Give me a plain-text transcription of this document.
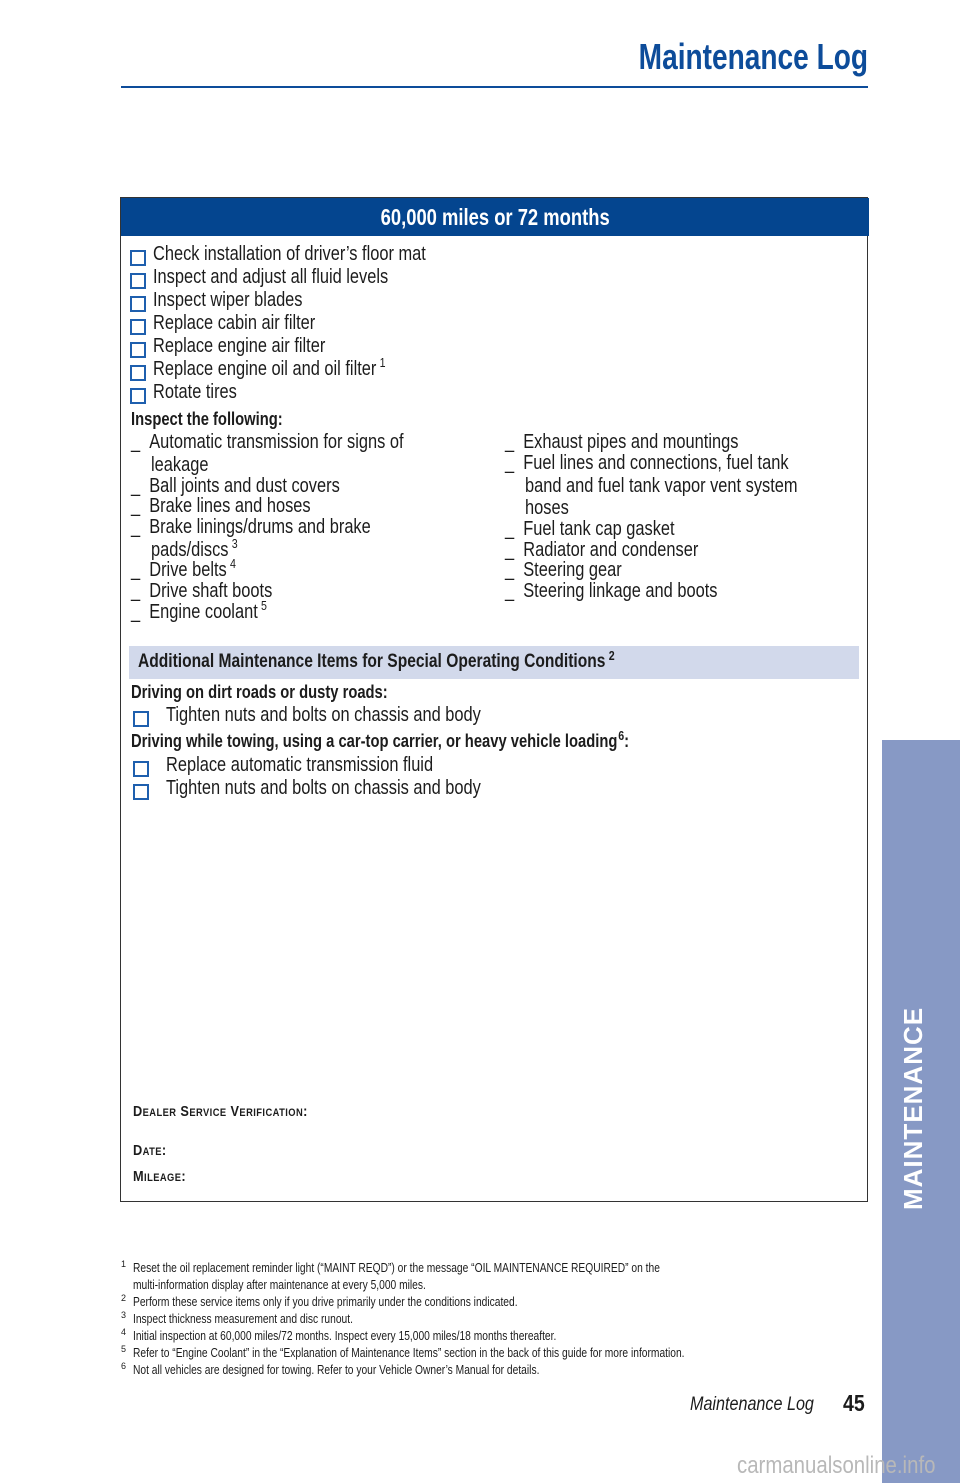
Maintenance Log
60,000 miles or 72 months
Check installation of driver’s floor mat
Inspect and adjust all fluid levels
Inspect wiper blades
Replace cabin air filter
Replace engine air filter
Replace engine oil and oil filter $^1$
Rotate tires
Inspect the following:
_  Automatic transmission for signs of
leakage
_  Ball joints and dust covers
_  Brake lines and hoses
_  Brake linings/drums and brake
pads/discs $^3$
_  Drive belts $^4$
_  Drive shaft boots
_  Engine coolant $^5$
_  Exhaust pipes and mountings
_  Fuel lines and connections, fuel tank
band and fuel tank vapor vent system
hoses
_  Fuel tank cap gasket
_  Radiator and condenser
_  Steering gear
_  Steering linkage and boots
Additional Maintenance Items for Special Operating Conditions $^2$
Driving on dirt roads or dusty roads:
Tighten nuts and bolts on chassis and body
Driving while towing, using a car-top carrier, or heavy vehicle loading$^6$:
Replace automatic transmission fluid
Tighten nuts and bolts on chassis and body
Dealer Service Verification:
Date:
Mileage:
1 Reset the oil replacement reminder light (“MAINT REQD”) or the message “OIL MAINTENANCE REQUIRED” on the
multi-information display after maintenance at every 5,000 miles.
2 Perform these service items only if you drive primarily under the conditions indicated.
3 Inspect thickness measurement and disc runout.
4 Initial inspection at 60,000 miles/72 months. Inspect every 15,000 miles/18 months thereafter.
5 Refer to “Engine Coolant” in the “Explanation of Maintenance Items” section in the back of this guide for more information.
6 Not all vehicles are designed for towing. Refer to your Vehicle Owner’s Manual for details.
MAINTENANCE
Maintenance Log	45
carmanualsonline.info
